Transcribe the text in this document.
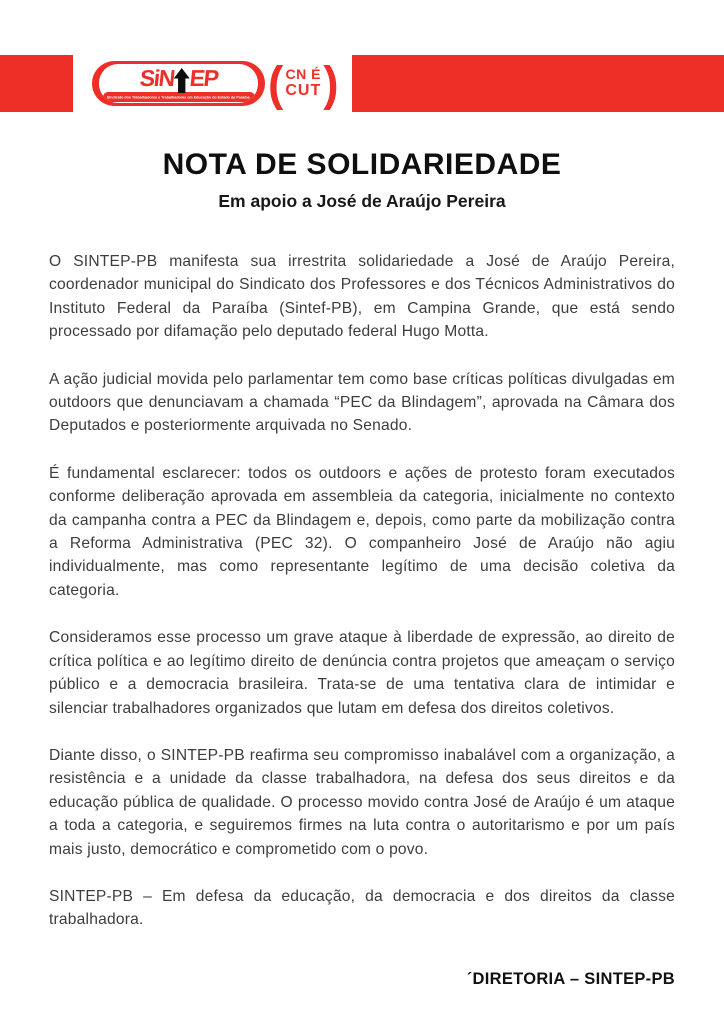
SiN EP
Sindicato dos Trabalhadores e Trabalhadoras em Educação do Estado da Paraíba ( CN É
CUT )
NOTA DE SOLIDARIEDADE
Em apoio a José de Araújo Pereira

O SINTEP-PB manifesta sua irrestrita solidariedade a José de Araújo Pereira, coordenador municipal do Sindicato dos Professores e dos Técnicos Administrativos do Instituto Federal da Paraíba (Sintef-PB), em Campina Grande, que está sendo processado por difamação pelo deputado federal Hugo Motta.

A ação judicial movida pelo parlamentar tem como base críticas políticas divulgadas em outdoors que denunciavam a chamada “PEC da Blindagem”, aprovada na Câmara dos Deputados e posteriormente arquivada no Senado.

É fundamental esclarecer: todos os outdoors e ações de protesto foram executados conforme deliberação aprovada em assembleia da categoria, inicialmente no contexto da campanha contra a PEC da Blindagem e, depois, como parte da mobilização contra a Reforma Administrativa (PEC 32). O companheiro José de Araújo não agiu individualmente, mas como representante legítimo de uma decisão coletiva da categoria.

Consideramos esse processo um grave ataque à liberdade de expressão, ao direito de crítica política e ao legítimo direito de denúncia contra projetos que ameaçam o serviço público e a democracia brasileira. Trata-se de uma tentativa clara de intimidar e silenciar trabalhadores organizados que lutam em defesa dos direitos coletivos.

Diante disso, o SINTEP-PB reafirma seu compromisso inabalável com a organização, a resistência e a unidade da classe trabalhadora, na defesa dos seus direitos e da educação pública de qualidade. O processo movido contra José de Araújo é um ataque a toda a categoria, e seguiremos firmes na luta contra o autoritarismo e por um país mais justo, democrático e comprometido com o povo.

SINTEP-PB – Em defesa da educação, da democracia e dos direitos da classe trabalhadora.

´DIRETORIA – SINTEP-PB
